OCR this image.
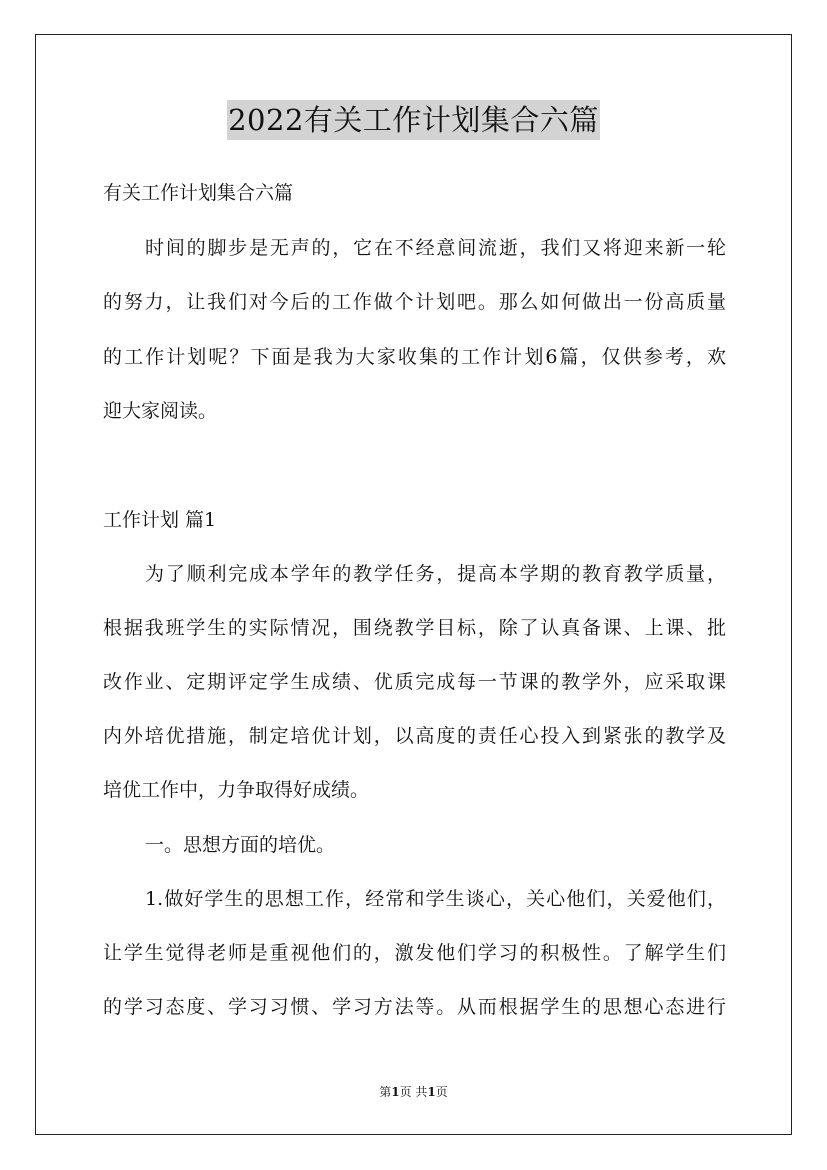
2022有关工作计划集合六篇
有关工作计划集合六篇
时间的脚步是无声的，它在不经意间流逝，我们又将迎来新一轮
的努力，让我们对今后的工作做个计划吧。那么如何做出一份高质量
的工作计划呢？下面是我为大家收集的工作计划6篇，仅供参考，欢
迎大家阅读。
工作计划 篇1
为了顺利完成本学年的教学任务，提高本学期的教育教学质量，
根据我班学生的实际情况，围绕教学目标，除了认真备课、上课、批
改作业、定期评定学生成绩、优质完成每一节课的教学外，应采取课
内外培优措施，制定培优计划，以高度的责任心投入到紧张的教学及
培优工作中，力争取得好成绩。
一。思想方面的培优。
1.做好学生的思想工作，经常和学生谈心，关心他们，关爱他们，
让学生觉得老师是重视他们的，激发他们学习的积极性。了解学生们
的学习态度、学习习惯、学习方法等。从而根据学生的思想心态进行
第1页 共1页
